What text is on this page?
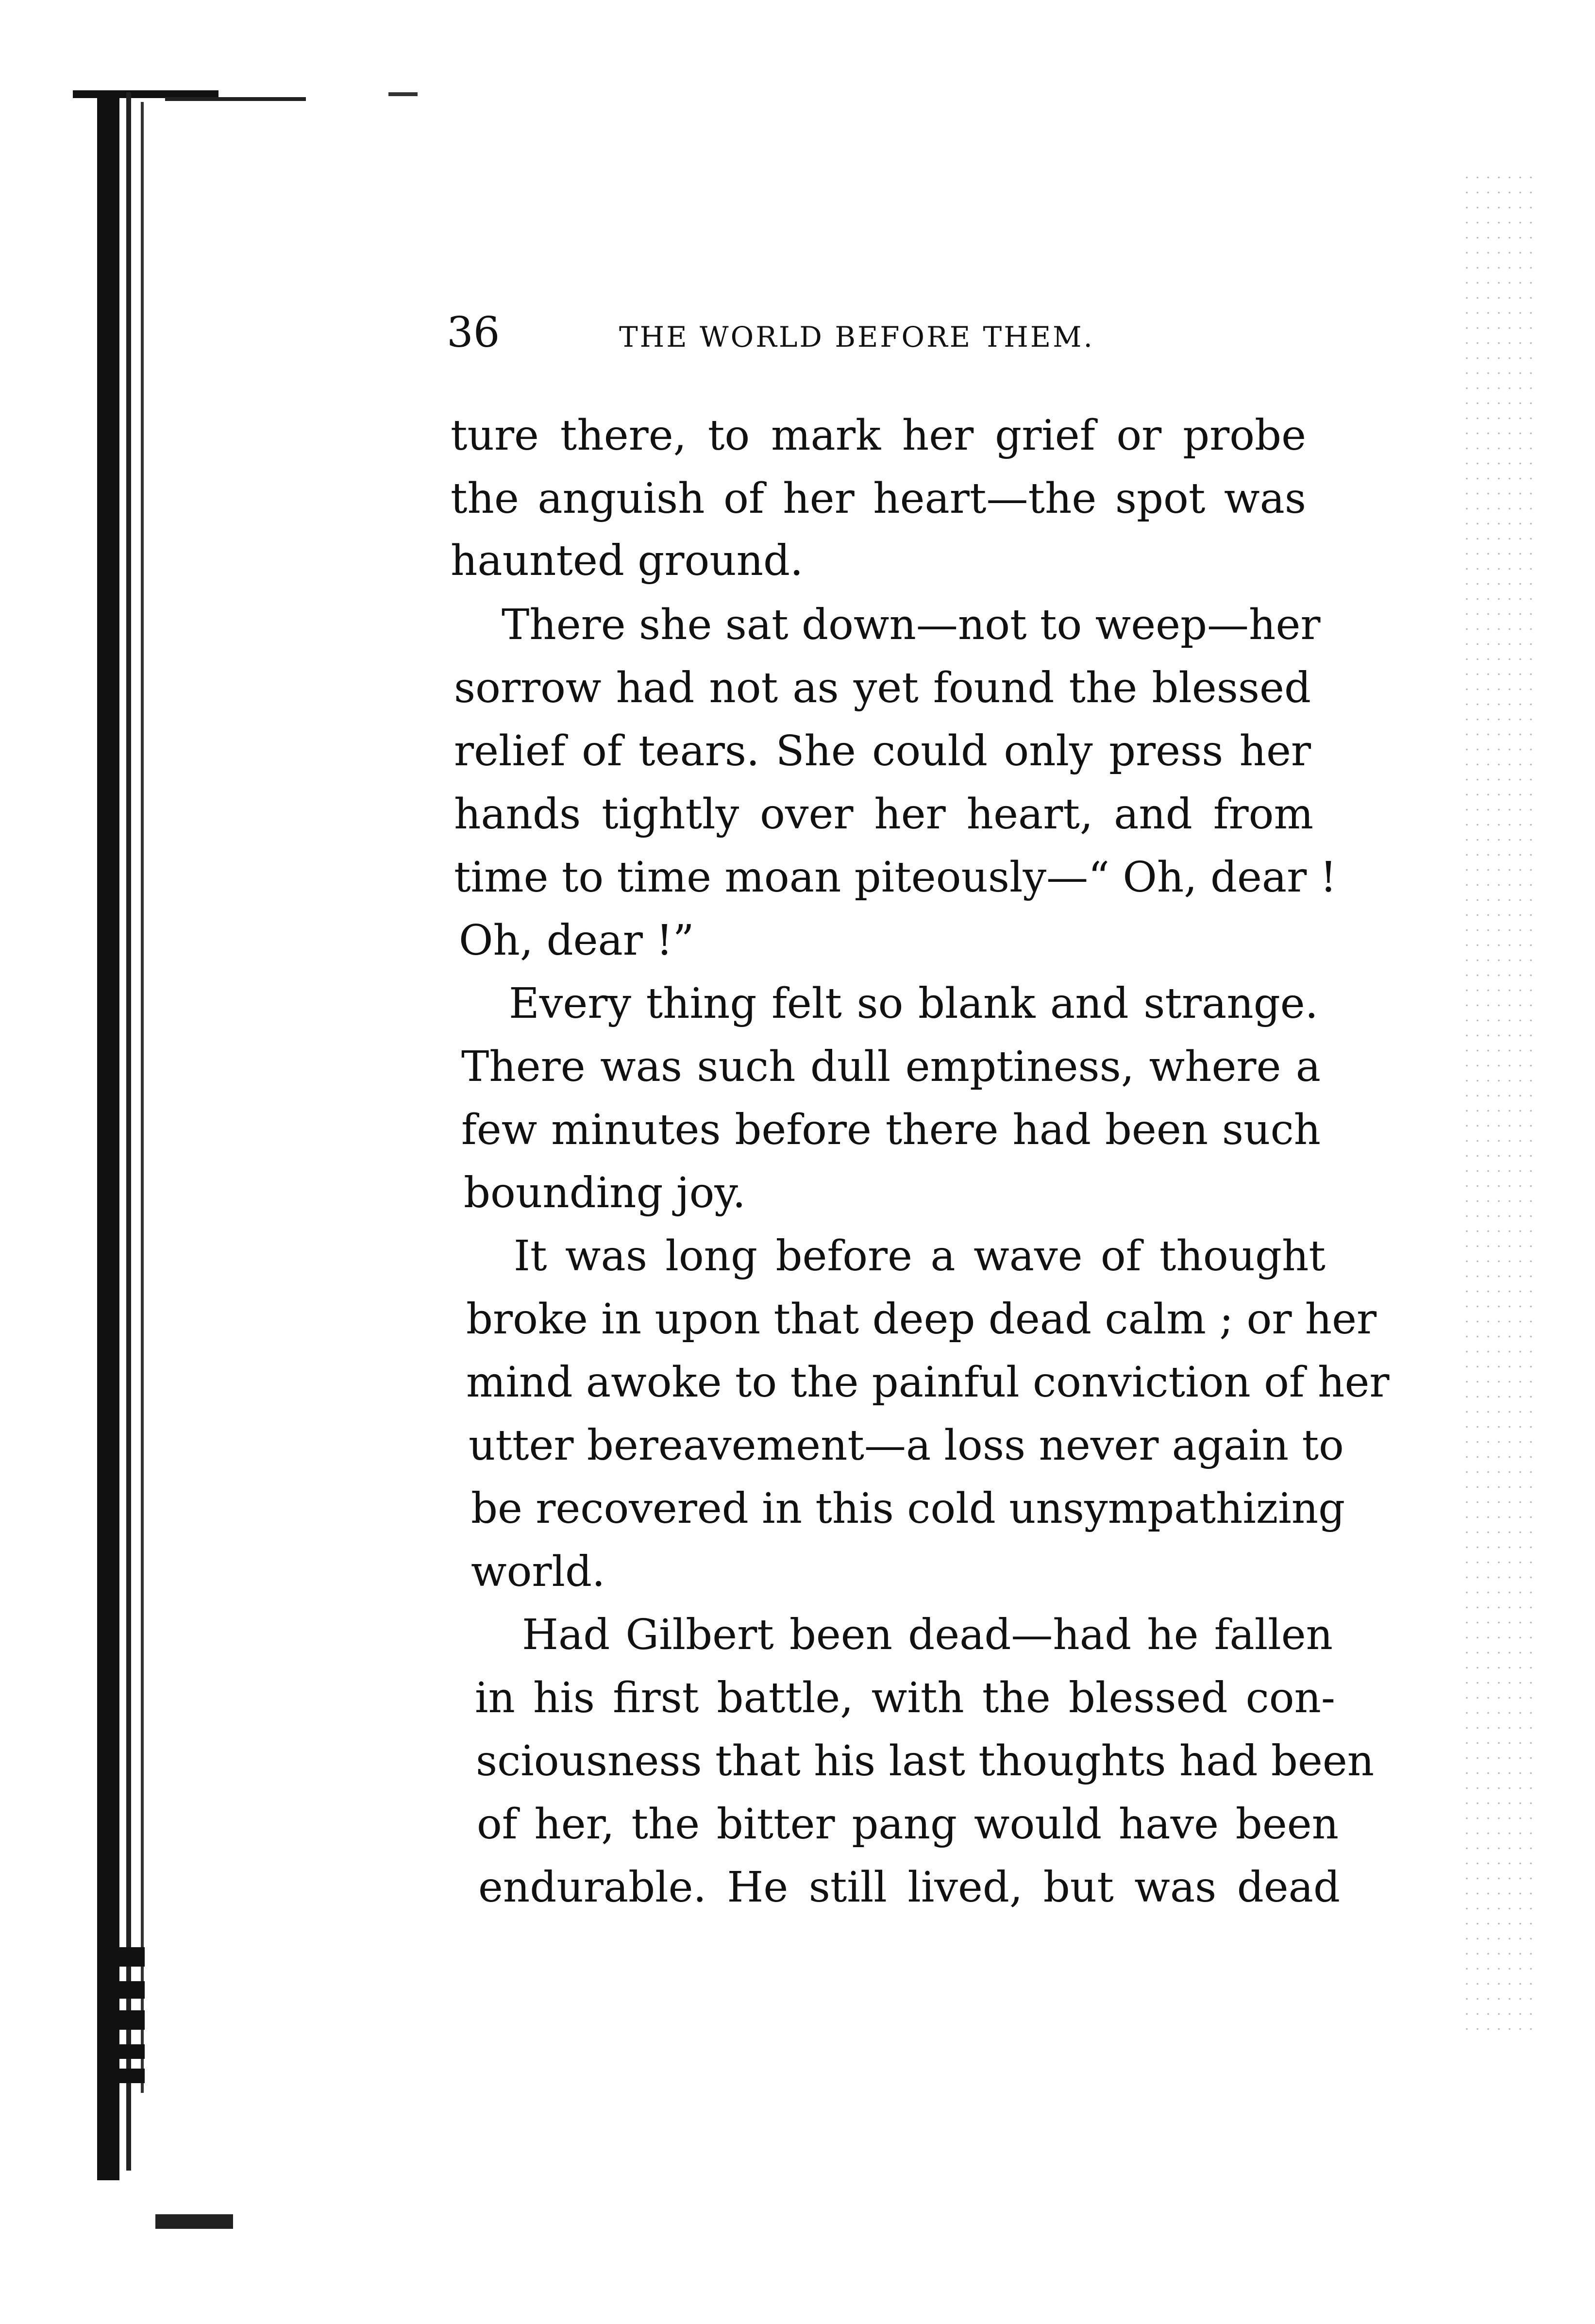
36	THE WORLD BEFORE THEM.
ture there, to mark her grief or probe
the anguish of her heart—the spot was
haunted ground.
There she sat down—not to weep—her
sorrow had not as yet found the blessed
relief of tears. She could only press her
hands tightly over her heart, and from
time to time moan piteously—“ Oh, dear !
Oh, dear !”
Every thing felt so blank and strange.
There was such dull emptiness, where a
few minutes before there had been such
bounding joy.
It was long before a wave of thought
broke in upon that deep dead calm ; or her
mind awoke to the painful conviction of her
utter bereavement—a loss never again to
be recovered in this cold unsympathizing
world.
Had Gilbert been dead—had he fallen
in his first battle, with the blessed con-
sciousness that his last thoughts had been
of her, the bitter pang would have been
endurable. He still lived, but was dead
